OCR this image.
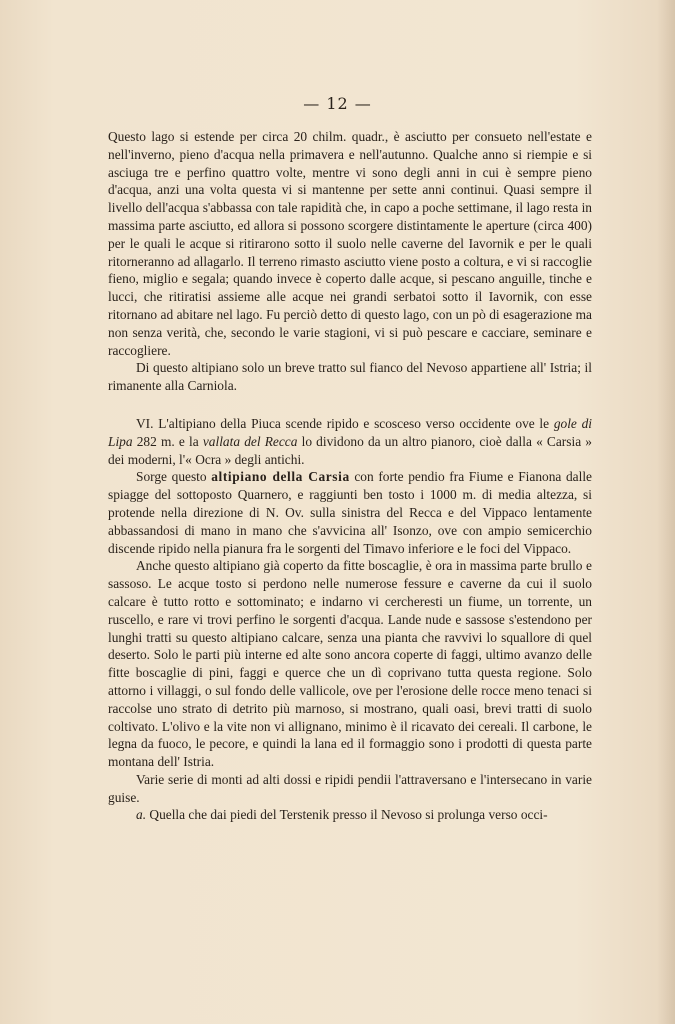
— 12 —

Questo lago si estende per circa 20 chilm. quadr., è asciutto per consueto nell'estate e nell'inverno, pieno d'acqua nella primavera e nell'autunno. Qualche anno si riempie e si asciuga tre e perfino quattro volte, mentre vi sono degli anni in cui è sempre pieno d'acqua, anzi una volta questa vi si mantenne per sette anni continui. Quasi sempre il livello dell'acqua s'abbassa con tale rapidità che, in capo a poche settimane, il lago resta in massima parte asciutto, ed allora si possono scorgere distintamente le aperture (circa 400) per le quali le acque si ritirarono sotto il suolo nelle caverne del Iavornik e per le quali ritorneranno ad allagarlo. Il terreno rimasto asciutto viene posto a coltura, e vi si raccoglie fieno, miglio e segala; quando invece è coperto dalle acque, si pescano anguille, tinche e lucci, che ritiratisi assieme alle acque nei grandi serbatoi sotto il Iavornik, con esse ritornano ad abitare nel lago. Fu perciò detto di questo lago, con un pò di esagerazione ma non senza verità, che, secondo le varie stagioni, vi si può pescare e cacciare, seminare e raccogliere.

Di questo altipiano solo un breve tratto sul fianco del Nevoso appartiene all' Istria; il rimanente alla Carniola.

VI. L'altipiano della Piuca scende ripido e scosceso verso occidente ove le gole di Lipa 282 m. e la vallata del Recca lo dividono da un altro pianoro, cioè dalla « Carsia » dei moderni, l'« Ocra » degli antichi.

Sorge questo altipiano della Carsia con forte pendio fra Fiume e Fianona dalle spiagge del sottoposto Quarnero, e raggiunti ben tosto i 1000 m. di media altezza, si protende nella direzione di N. Ov. sulla sinistra del Recca e del Vippaco lentamente abbassandosi di mano in mano che s'avvicina all' Isonzo, ove con ampio semicerchio discende ripido nella pianura fra le sorgenti del Timavo inferiore e le foci del Vippaco.

Anche questo altipiano già coperto da fitte boscaglie, è ora in massima parte brullo e sassoso. Le acque tosto si perdono nelle numerose fessure e caverne da cui il suolo calcare è tutto rotto e sottominato; e indarno vi cercheresti un fiume, un torrente, un ruscello, e rare vi trovi perfino le sorgenti d'acqua. Lande nude e sassose s'estendono per lunghi tratti su questo altipiano calcare, senza una pianta che ravvivi lo squallore di quel deserto. Solo le parti più interne ed alte sono ancora coperte di faggi, ultimo avanzo delle fitte boscaglie di pini, faggi e querce che un dì coprivano tutta questa regione. Solo attorno i villaggi, o sul fondo delle vallicole, ove per l'erosione delle rocce meno tenaci si raccolse uno strato di detrito più marnoso, si mostrano, quali oasi, brevi tratti di suolo coltivato. L'olivo e la vite non vi allignano, minimo è il ricavato dei cereali. Il carbone, le legna da fuoco, le pecore, e quindi la lana ed il formaggio sono i prodotti di questa parte montana dell' Istria.

Varie serie di monti ad alti dossi e ripidi pendii l'attraversano e l'intersecano in varie guise.

a. Quella che dai piedi del Terstenik presso il Nevoso si prolunga verso occi-
